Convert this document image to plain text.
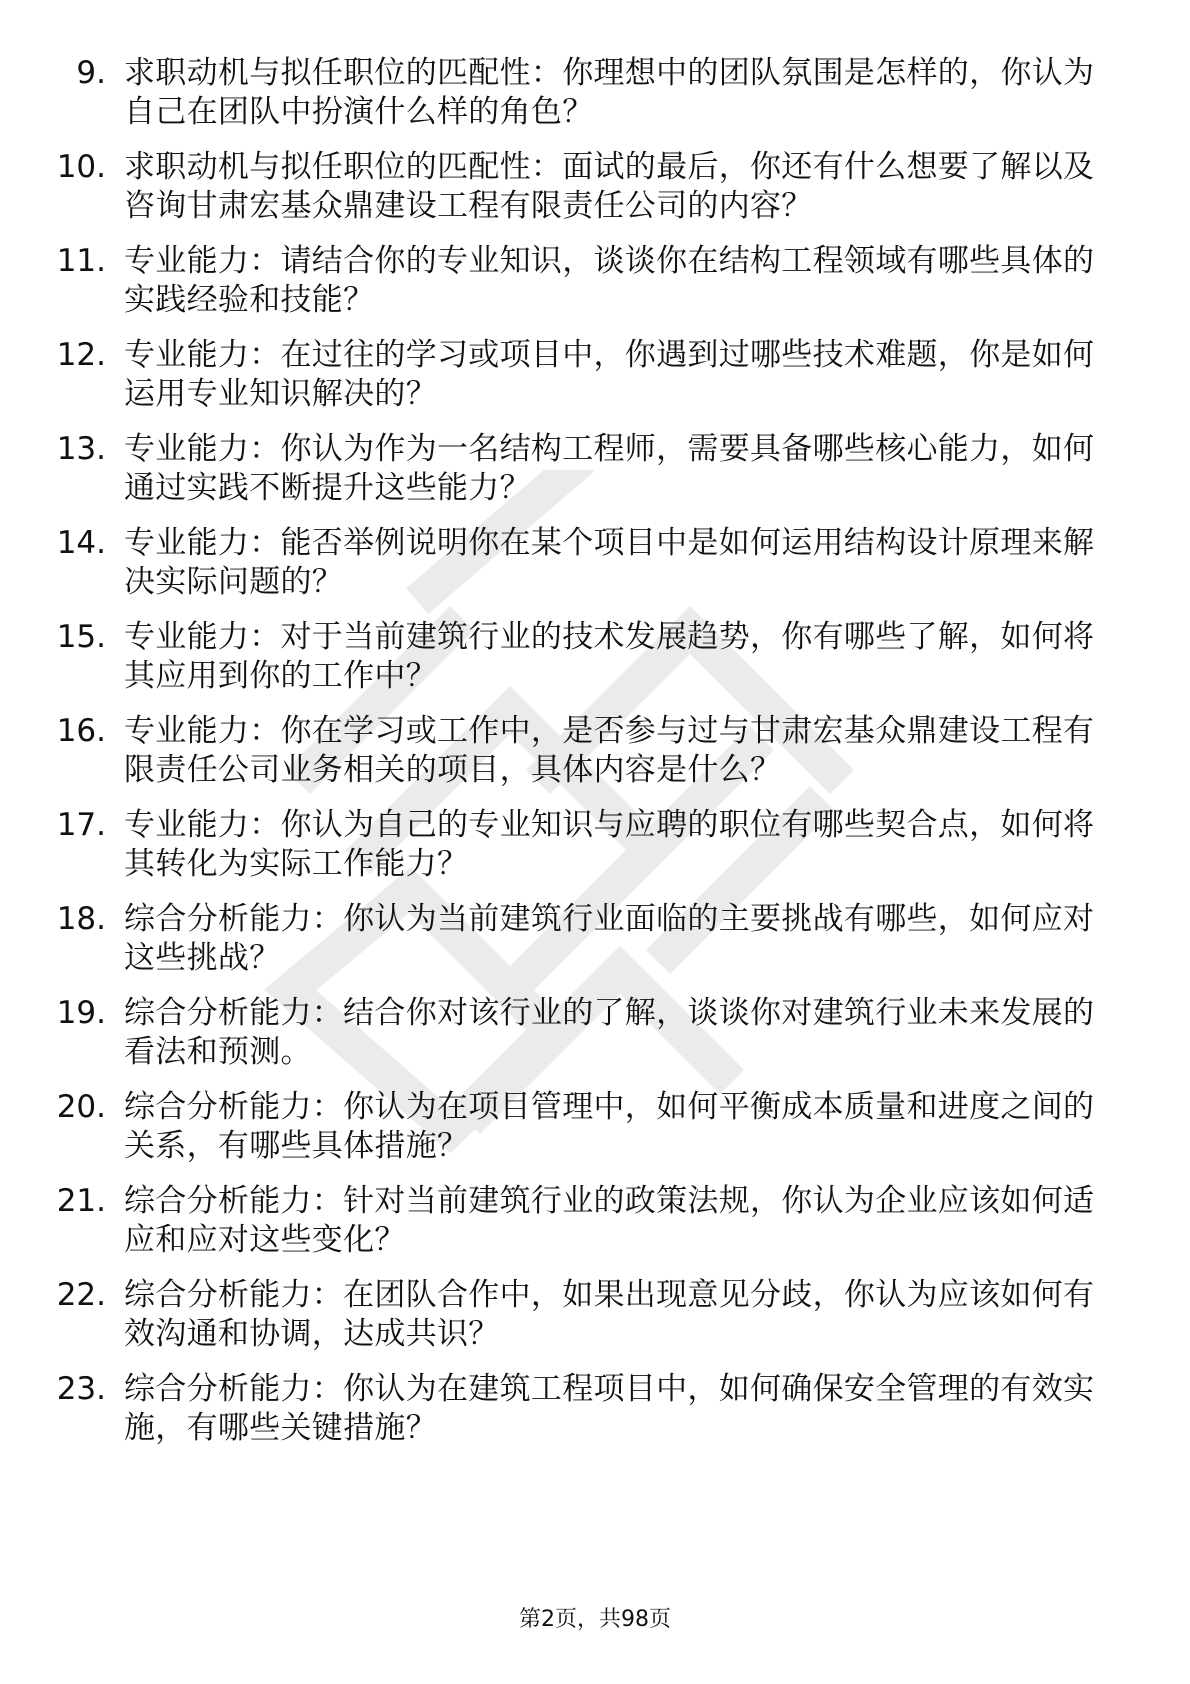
9. 求职动机与拟任职位的匹配性：你理想中的团队氛围是怎样的，你认为自己在团队中扮演什么样的角色？
10. 求职动机与拟任职位的匹配性：面试的最后，你还有什么想要了解以及咨询甘肃宏基众鼎建设工程有限责任公司的内容？
11. 专业能力：请结合你的专业知识，谈谈你在结构工程领域有哪些具体的实践经验和技能？
12. 专业能力：在过往的学习或项目中，你遇到过哪些技术难题，你是如何运用专业知识解决的？
13. 专业能力：你认为作为一名结构工程师，需要具备哪些核心能力，如何通过实践不断提升这些能力？
14. 专业能力：能否举例说明你在某个项目中是如何运用结构设计原理来解决实际问题的？
15. 专业能力：对于当前建筑行业的技术发展趋势，你有哪些了解，如何将其应用到你的工作中？
16. 专业能力：你在学习或工作中，是否参与过与甘肃宏基众鼎建设工程有限责任公司业务相关的项目，具体内容是什么？
17. 专业能力：你认为自己的专业知识与应聘的职位有哪些契合点，如何将其转化为实际工作能力？
18. 综合分析能力：你认为当前建筑行业面临的主要挑战有哪些，如何应对这些挑战？
19. 综合分析能力：结合你对该行业的了解，谈谈你对建筑行业未来发展的看法和预测。
20. 综合分析能力：你认为在项目管理中，如何平衡成本质量和进度之间的关系，有哪些具体措施？
21. 综合分析能力：针对当前建筑行业的政策法规，你认为企业应该如何适应和应对这些变化？
22. 综合分析能力：在团队合作中，如果出现意见分歧，你认为应该如何有效沟通和协调，达成共识？
23. 综合分析能力：你认为在建筑工程项目中，如何确保安全管理的有效实施，有哪些关键措施？
第2页，共98页
